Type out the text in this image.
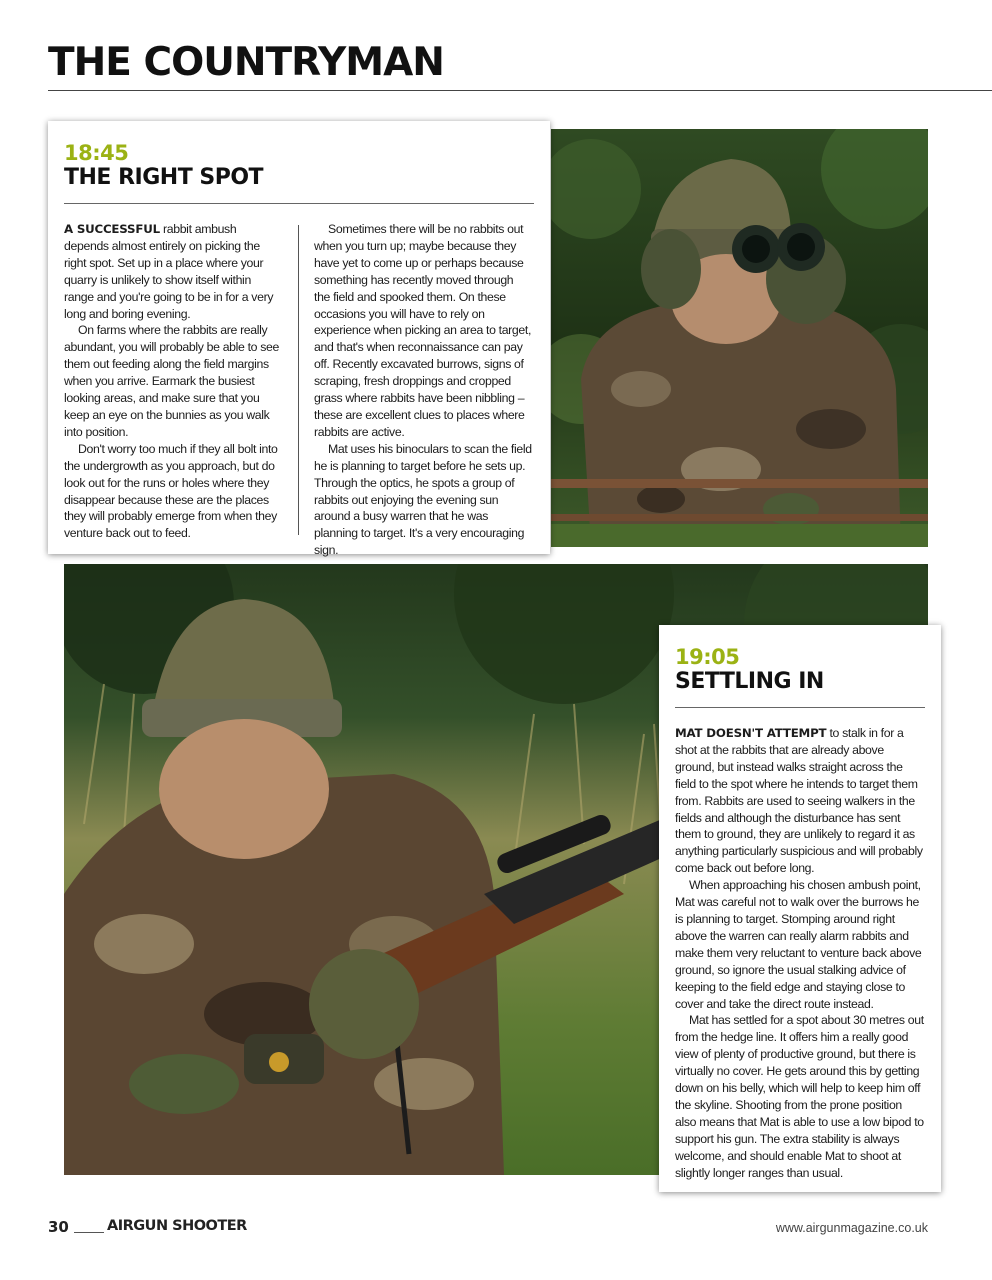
THE COUNTRYMAN
18:45
THE RIGHT SPOT

A SUCCESSFUL rabbit ambush depends almost entirely on picking the right spot. Set up in a place where your quarry is unlikely to show itself within range and you're going to be in for a very long and boring evening.

On farms where the rabbits are really abundant, you will probably be able to see them out feeding along the field margins when you arrive. Earmark the busiest looking areas, and make sure that you keep an eye on the bunnies as you walk into position.

Don't worry too much if they all bolt into the undergrowth as you approach, but do look out for the runs or holes where they disappear because these are the places they will probably emerge from when they venture back out to feed.

Sometimes there will be no rabbits out when you turn up; maybe because they have yet to come up or perhaps because something has recently moved through the field and spooked them. On these occasions you will have to rely on experience when picking an area to target, and that's when reconnaissance can pay off. Recently excavated burrows, signs of scraping, fresh droppings and cropped grass where rabbits have been nibbling – these are excellent clues to places where rabbits are active.

Mat uses his binoculars to scan the field he is planning to target before he sets up. Through the optics, he spots a group of rabbits out enjoying the evening sun around a busy warren that he was planning to target. It's a very encouraging sign.

19:05
SETTLING IN

MAT DOESN'T ATTEMPT to stalk in for a shot at the rabbits that are already above ground, but instead walks straight across the field to the spot where he intends to target them from. Rabbits are used to seeing walkers in the fields and although the disturbance has sent them to ground, they are unlikely to regard it as anything particularly suspicious and will probably come back out before long.

When approaching his chosen ambush point, Mat was careful not to walk over the burrows he is planning to target. Stomping around right above the warren can really alarm rabbits and make them very reluctant to venture back above ground, so ignore the usual stalking advice of keeping to the field edge and staying close to cover and take the direct route instead.

Mat has settled for a spot about 30 metres out from the hedge line. It offers him a really good view of plenty of productive ground, but there is virtually no cover. He gets around this by getting down on his belly, which will help to keep him off the skyline. Shooting from the prone position also means that Mat is able to use a low bipod to support his gun. The extra stability is always welcome, and should enable Mat to shoot at slightly longer ranges than usual.

30	AIRGUN SHOOTER	www.airgunmagazine.co.uk
